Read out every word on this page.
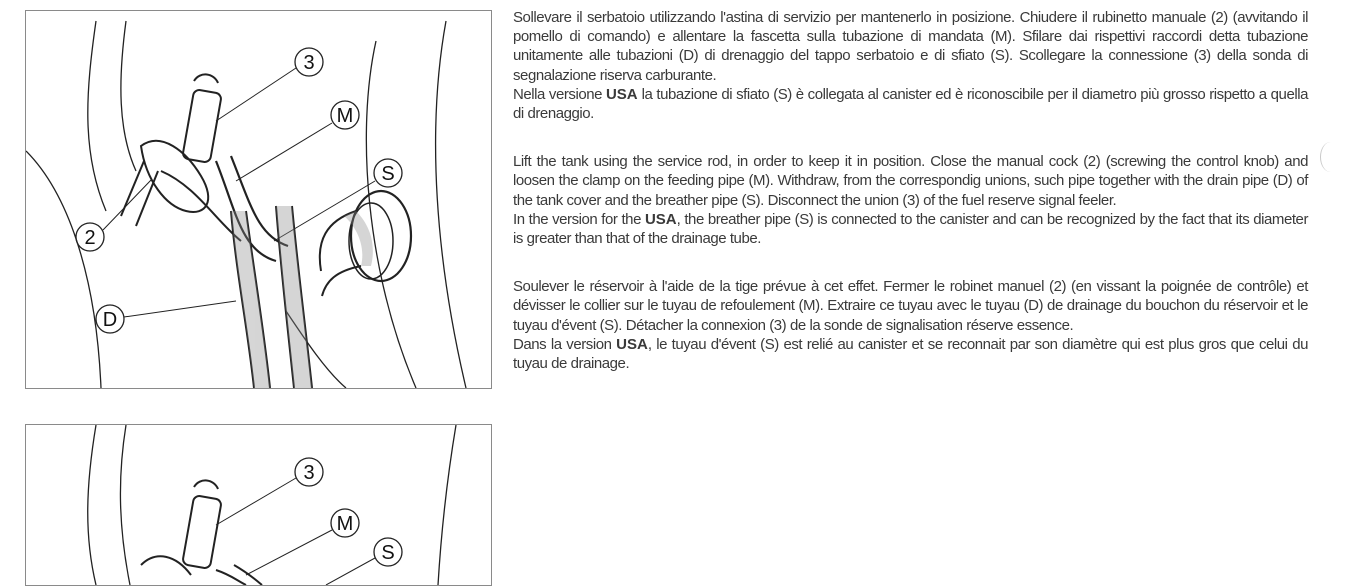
3
M
S
2
D
3
M
S

Sollevare il serbatoio utilizzando l'astina di servizio per mantenerlo in posizione. Chiudere il rubinetto manuale (2) (avvitando il pomello di comando) e allentare la fascetta sulla tubazione di mandata (M). Sfilare dai rispettivi raccordi detta tubazione unitamente alle tubazioni (D) di drenaggio del tappo serbatoio e di sfiato (S). Scollegare la connessione (3) della sonda di segnalazione riserva carburante.

Nella versione USA la tubazione di sfiato (S) è collegata al canister ed è riconoscibile per il diametro più grosso rispetto a quella di drenaggio.

Lift the tank using the service rod, in order to keep it in position. Close the manual cock (2) (screwing the control knob) and loosen the clamp on the feeding pipe (M). Withdraw, from the correspondig unions, such pipe together with the drain pipe (D) of the tank cover and the breather pipe (S). Disconnect the union (3) of the fuel reserve signal feeler.

In the version for the USA, the breather pipe (S) is connected to the canister and can be recognized by the fact that its diameter is greater than that of the drainage tube.

Soulever le réservoir à l'aide de la tige prévue à cet effet. Fermer le robinet manuel (2) (en vissant la poignée de contrôle) et dévisser le collier sur le tuyau de refoulement (M). Extraire ce tuyau avec le tuyau (D) de drainage du bouchon du réservoir et le tuyau d'évent (S). Détacher la connexion (3) de la sonde de signalisation réserve essence.

Dans la version USA, le tuyau d'évent (S) est relié au canister et se reconnait par son diamètre qui est plus gros que celui du tuyau de drainage.
